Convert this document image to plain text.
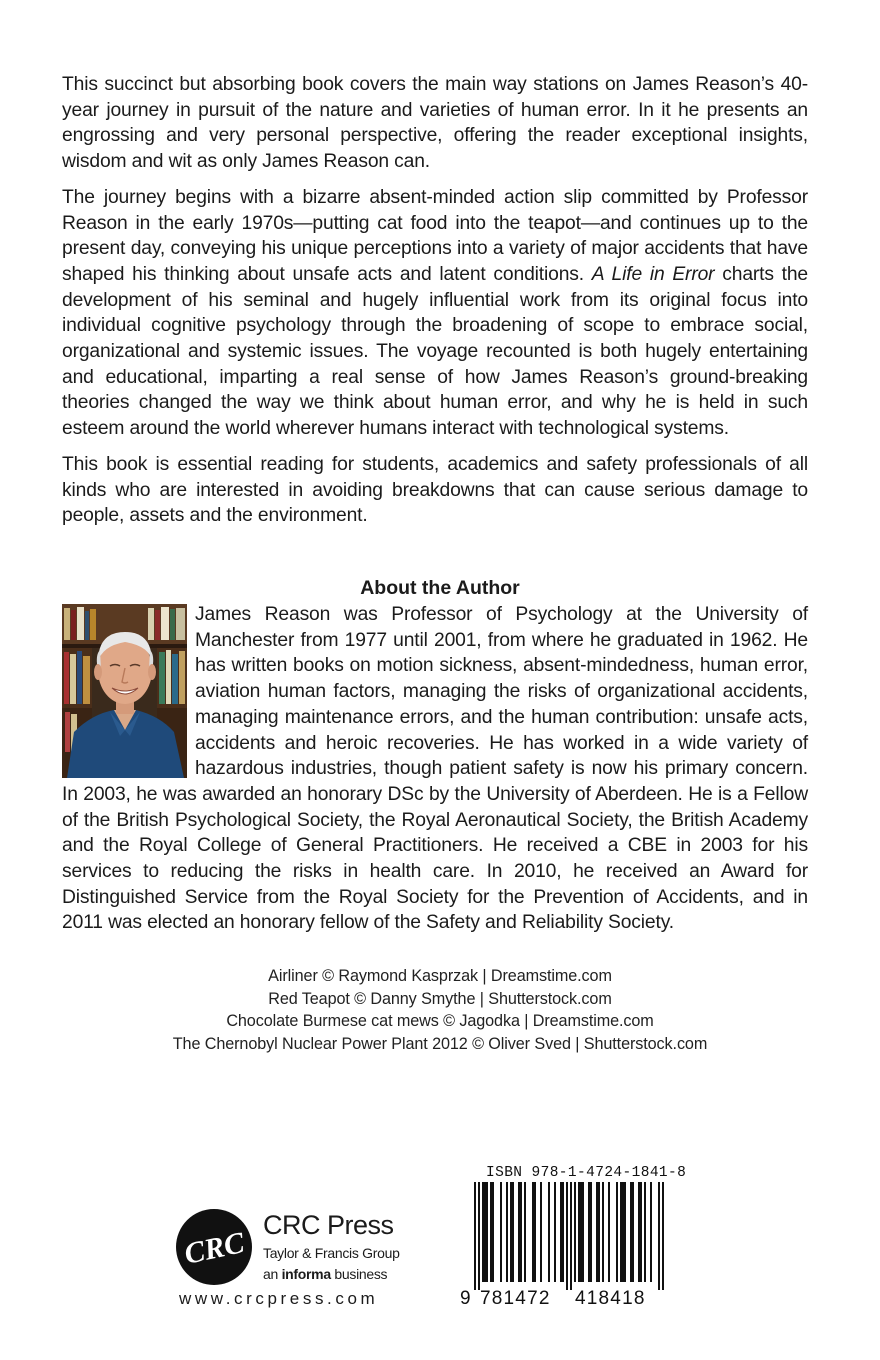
This succinct but absorbing book covers the main way stations on James Reason’s 40-year journey in pursuit of the nature and varieties of human error. In it he presents an engrossing and very personal perspective, offering the reader exceptional insights, wisdom and wit as only James Reason can.

The journey begins with a bizarre absent-minded action slip committed by Professor Reason in the early 1970s—putting cat food into the teapot—and continues up to the present day, conveying his unique perceptions into a variety of major accidents that have shaped his thinking about unsafe acts and latent conditions. A Life in Error charts the development of his seminal and hugely influential work from its original focus into individual cognitive psychology through the broadening of scope to embrace social, organizational and systemic issues. The voyage recounted is both hugely entertaining and educational, imparting a real sense of how James Reason’s ground-breaking theories changed the way we think about human error, and why he is held in such esteem around the world wherever humans interact with technological systems.

This book is essential reading for students, academics and safety professionals of all kinds who are interested in avoiding breakdowns that can cause serious damage to people, assets and the environment.

About the Author

James Reason was Professor of Psychology at the University of Manchester from 1977 until 2001, from where he graduated in 1962. He has written books on motion sickness, absent-mindedness, human error, aviation human factors, managing the risks of organizational accidents, managing maintenance errors, and the human contribution: unsafe acts, accidents and heroic recoveries. He has worked in a wide variety of hazardous industries, though patient safety is now his primary concern. In 2003, he was awarded an honorary DSc by the University of Aberdeen. He is a Fellow of the British Psychological Society, the Royal Aeronautical Society, the British Academy and the Royal College of General Practitioners. He received a CBE in 2003 for his services to reducing the risks in health care. In 2010, he received an Award for Distinguished Service from the Royal Society for the Prevention of Accidents, and in 2011 was elected an honorary fellow of the Safety and Reliability Society.

Airliner © Raymond Kasprzak | Dreamstime.com
Red Teapot © Danny Smythe | Shutterstock.com
Chocolate Burmese cat mews © Jagodka | Dreamstime.com
The Chernobyl Nuclear Power Plant 2012 © Oliver Sved | Shutterstock.com
CRC
CRC Press
Taylor & Francis Group
an informa business
www.crcpress.com
ISBN 978-1-4724-1841-8
9 781472 418418
